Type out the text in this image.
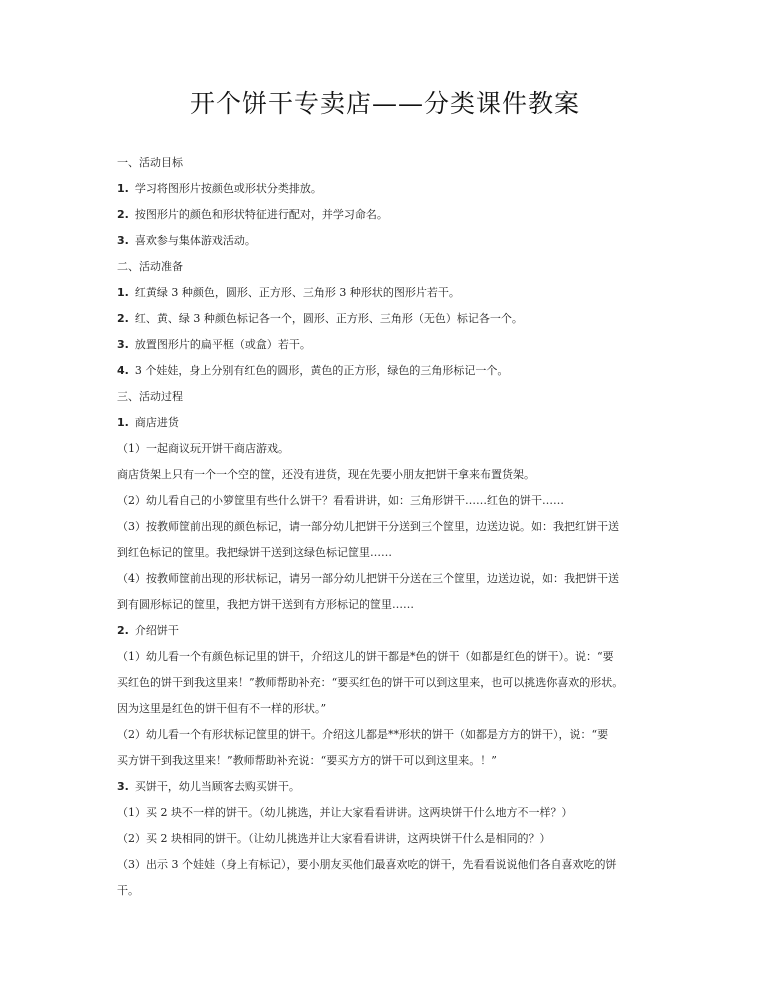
开个饼干专卖店——分类课件教案
一、活动目标
1. 学习将图形片按颜色或形状分类排放。
2. 按图形片的颜色和形状特征进行配对，并学习命名。
3. 喜欢参与集体游戏活动。
二、活动准备
1. 红黄绿 3 种颜色，圆形、正方形、三角形 3 种形状的图形片若干。
2. 红、黄、绿 3 种颜色标记各一个，圆形、正方形、三角形（无色）标记各一个。
3. 放置图形片的扁平框（或盒）若干。
4. 3 个娃娃，身上分别有红色的圆形，黄色的正方形，绿色的三角形标记一个。
三、活动过程
1. 商店进货
（1）一起商议玩开饼干商店游戏。
商店货架上只有一个一个空的筐，还没有进货，现在先要小朋友把饼干拿来布置货架。
（2）幼儿看自己的小箩筐里有些什么饼干？看看讲讲，如：三角形饼干……红色的饼干……
（3）按教师筐前出现的颜色标记，请一部分幼儿把饼干分送到三个筐里，边送边说。如：我把红饼干送
到红色标记的筐里。我把绿饼干送到这绿色标记筐里……
（4）按教师筐前出现的形状标记，请另一部分幼儿把饼干分送在三个筐里，边送边说，如：我把饼干送
到有圆形标记的筐里，我把方饼干送到有方形标记的筐里……
2. 介绍饼干
（1）幼儿看一个有颜色标记里的饼干，介绍这儿的饼干都是*色的饼干（如都是红色的饼干）。说：“要
买红色的饼干到我这里来！”教师帮助补充：“要买红色的饼干可以到这里来，也可以挑选你喜欢的形状。
因为这里是红色的饼干但有不一样的形状。”
（2）幼儿看一个有形状标记筐里的饼干。介绍这儿都是**形状的饼干（如都是方方的饼干），说：“要
买方饼干到我这里来！”教师帮助补充说：“要买方方的饼干可以到这里来。！”
3. 买饼干，幼儿当顾客去购买饼干。
（1）买 2 块不一样的饼干。（幼儿挑选，并让大家看看讲讲。这两块饼干什么地方不一样？）
（2）买 2 块相同的饼干。（让幼儿挑选并让大家看看讲讲，这两块饼干什么是相同的？）
（3）出示 3 个娃娃（身上有标记），要小朋友买他们最喜欢吃的饼干，先看看说说他们各自喜欢吃的饼
干。
